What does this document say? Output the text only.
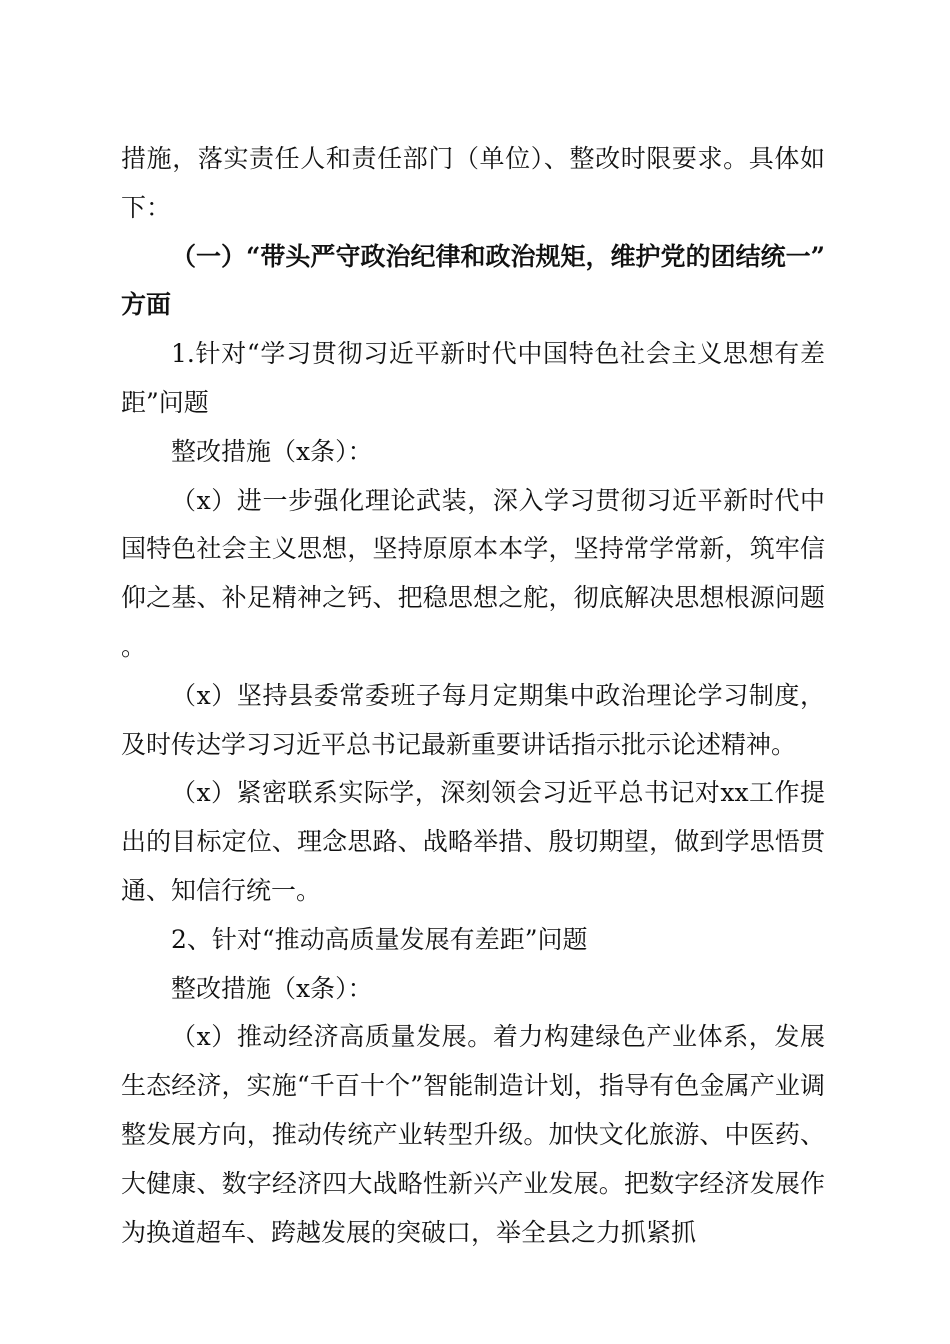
措施，落实责任人和责任部门（单位）、整改时限要求。具体如下：

（一）“带头严守政治纪律和政治规矩，维护党的团结统一”方面

1.针对“学习贯彻习近平新时代中国特色社会主义思想有差距”问题

整改措施（x条）：

（x）进一步强化理论武装，深入学习贯彻习近平新时代中国特色社会主义思想，坚持原原本本学，坚持常学常新，筑牢信仰之基、补足精神之钙、把稳思想之舵，彻底解决思想根源问题。

（x）坚持县委常委班子每月定期集中政治理论学习制度，及时传达学习习近平总书记最新重要讲话指示批示论述精神。

（x）紧密联系实际学，深刻领会习近平总书记对xx工作提出的目标定位、理念思路、战略举措、殷切期望，做到学思悟贯通、知信行统一。

2、针对“推动高质量发展有差距”问题

整改措施（x条）：

（x）推动经济高质量发展。着力构建绿色产业体系，发展生态经济，实施“千百十个”智能制造计划，指导有色金属产业调整发展方向，推动传统产业转型升级。加快文化旅游、中医药、大健康、数字经济四大战略性新兴产业发展。把数字经济发展作为换道超车、跨越发展的突破口，举全县之力抓紧抓
